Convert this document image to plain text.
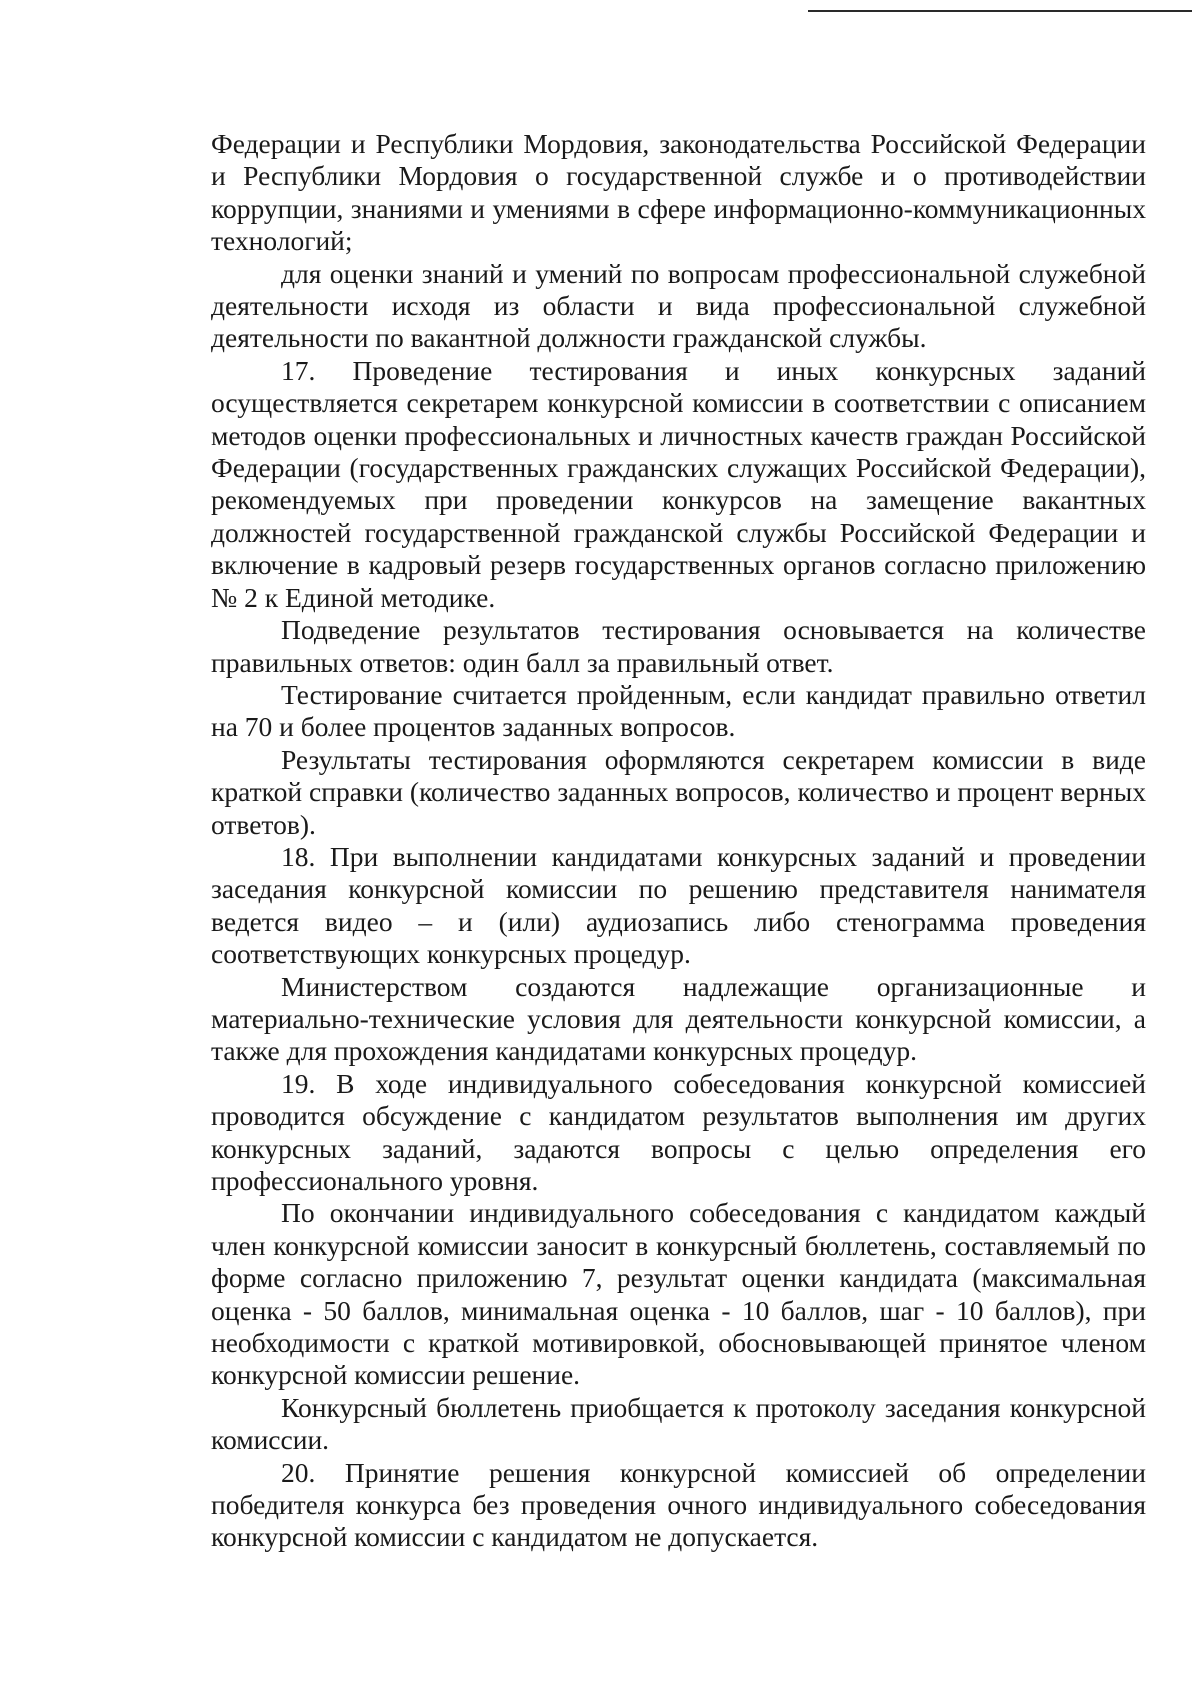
Федерации и Республики Мордовия, законодательства Российской Федерации и Республики Мордовия о государственной службе и о противодействии коррупции, знаниями и умениями в сфере информационно-коммуникационных технологий;

для оценки знаний и умений по вопросам профессиональной служебной деятельности исходя из области и вида профессиональной служебной деятельности по вакантной должности гражданской службы.

17. Проведение тестирования и иных конкурсных заданий осуществляется секретарем конкурсной комиссии в соответствии с описанием методов оценки профессиональных и личностных качеств граждан Российской Федерации (государственных гражданских служащих Российской Федерации), рекомендуемых при проведении конкурсов на замещение вакантных должностей государственной гражданской службы Российской Федерации и включение в кадровый резерв государственных органов согласно приложению № 2 к Единой методике.

Подведение результатов тестирования основывается на количестве правильных ответов: один балл за правильный ответ.

Тестирование считается пройденным, если кандидат правильно ответил на 70 и более процентов заданных вопросов.

Результаты тестирования оформляются секретарем комиссии в виде краткой справки (количество заданных вопросов, количество и процент верных ответов).

18. При выполнении кандидатами конкурсных заданий и проведении заседания конкурсной комиссии по решению представителя нанимателя ведется видео – и (или) аудиозапись либо стенограмма проведения соответствующих конкурсных процедур.

Министерством создаются надлежащие организационные и материально-технические условия для деятельности конкурсной комиссии, а также для прохождения кандидатами конкурсных процедур.

19. В ходе индивидуального собеседования конкурсной комиссией проводится обсуждение с кандидатом результатов выполнения им других конкурсных заданий, задаются вопросы с целью определения его профессионального уровня.

По окончании индивидуального собеседования с кандидатом каждый член конкурсной комиссии заносит в конкурсный бюллетень, составляемый по форме согласно приложению 7, результат оценки кандидата (максимальная оценка - 50 баллов, минимальная оценка - 10 баллов, шаг - 10 баллов), при необходимости с краткой мотивировкой, обосновывающей принятое членом конкурсной комиссии решение.

Конкурсный бюллетень приобщается к протоколу заседания конкурсной комиссии.

20. Принятие решения конкурсной комиссией об определении победителя конкурса без проведения очного индивидуального собеседования конкурсной комиссии с кандидатом не допускается.
